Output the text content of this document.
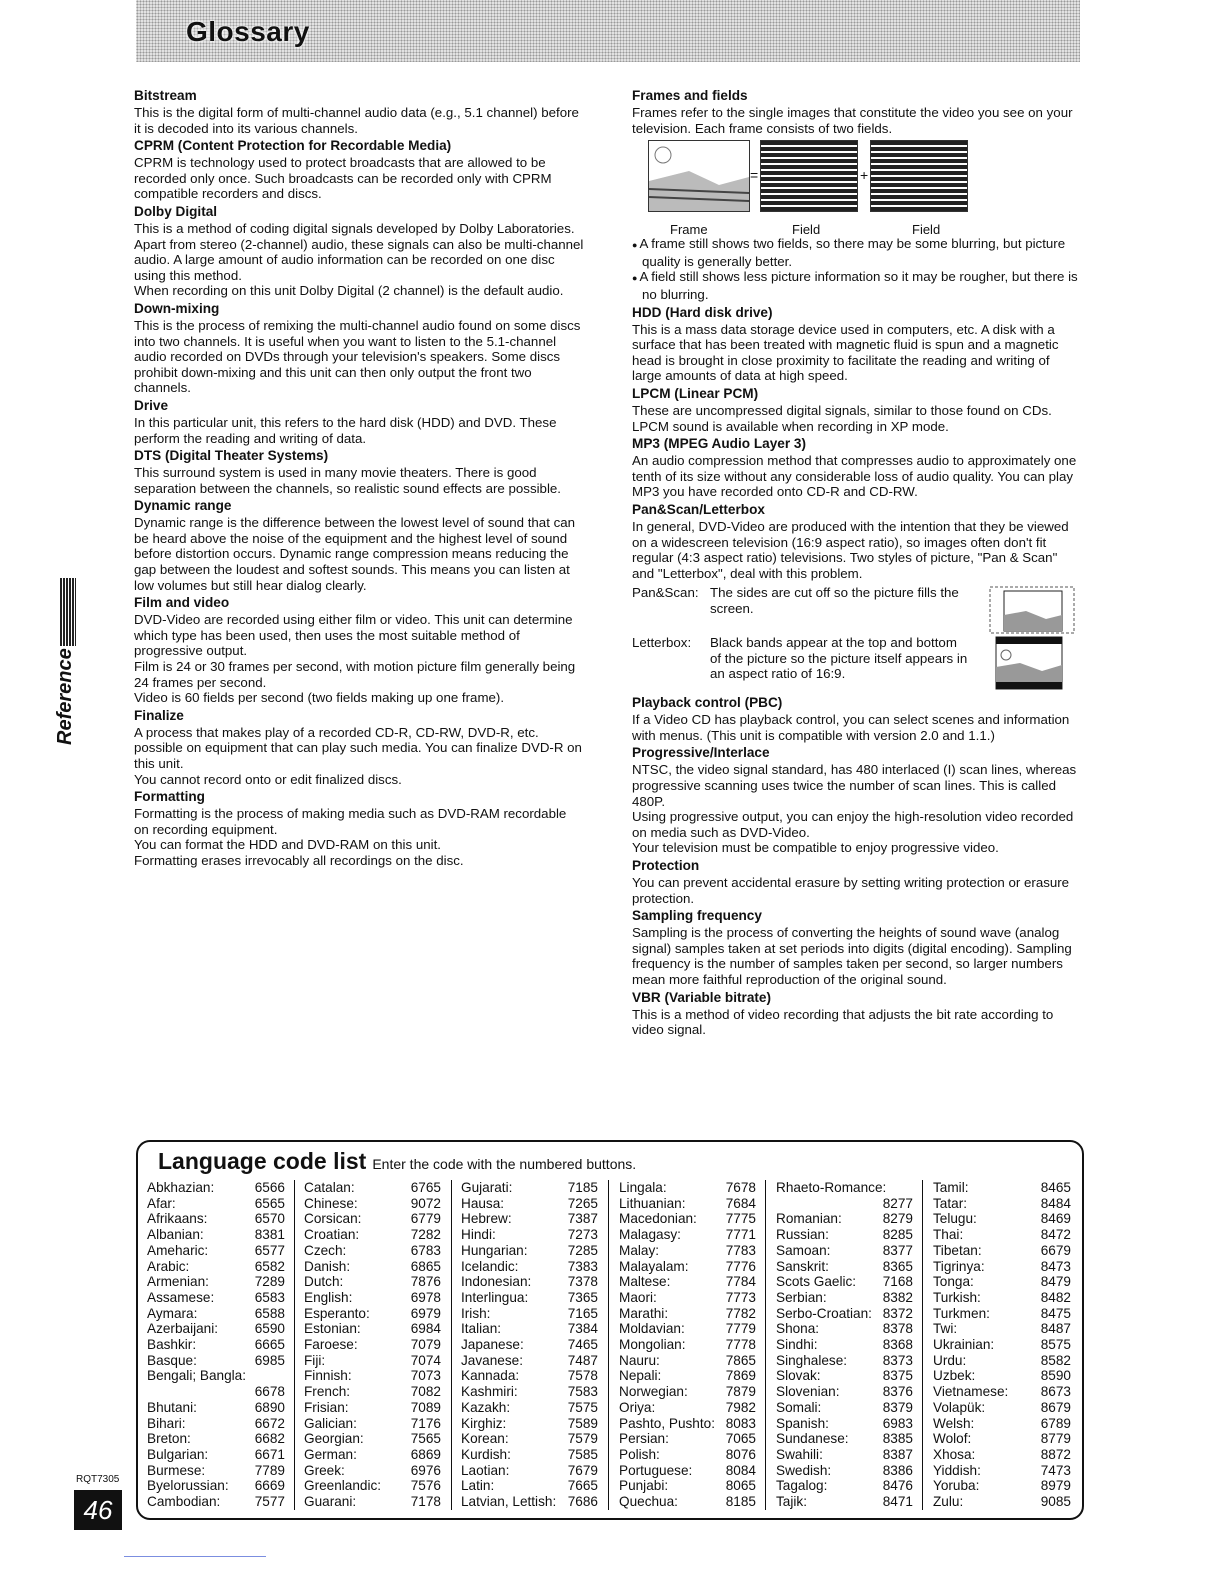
Glossary
Reference
RQT7305
46
Bitstream

This is the digital form of multi-channel audio data (e.g., 5.1 channel) before it is decoded into its various channels.

CPRM (Content Protection for Recordable Media)

CPRM is technology used to protect broadcasts that are allowed to be recorded only once. Such broadcasts can be recorded only with CPRM compatible recorders and discs.

Dolby Digital

This is a method of coding digital signals developed by Dolby Laboratories. Apart from stereo (2-channel) audio, these signals can also be multi-channel audio. A large amount of audio information can be recorded on one disc using this method.

When recording on this unit Dolby Digital (2 channel) is the default audio.

Down-mixing

This is the process of remixing the multi-channel audio found on some discs into two channels. It is useful when you want to listen to the 5.1-channel audio recorded on DVDs through your television's speakers. Some discs prohibit down-mixing and this unit can then only output the front two channels.

Drive

In this particular unit, this refers to the hard disk (HDD) and DVD. These perform the reading and writing of data.

DTS (Digital Theater Systems)

This surround system is used in many movie theaters. There is good separation between the channels, so realistic sound effects are possible.

Dynamic range

Dynamic range is the difference between the lowest level of sound that can be heard above the noise of the equipment and the highest level of sound before distortion occurs. Dynamic range compression means reducing the gap between the loudest and softest sounds. This means you can listen at low volumes but still hear dialog clearly.

Film and video

DVD-Video are recorded using either film or video. This unit can determine which type has been used, then uses the most suitable method of progressive output.

Film is 24 or 30 frames per second, with motion picture film generally being 24 frames per second.

Video is 60 fields per second (two fields making up one frame).

Finalize

A process that makes play of a recorded CD-R, CD-RW, DVD-R, etc. possible on equipment that can play such media. You can finalize DVD-R on this unit.

You cannot record onto or edit finalized discs.

Formatting

Formatting is the process of making media such as DVD-RAM recordable on recording equipment.

You can format the HDD and DVD-RAM on this unit.

Formatting erases irrevocably all recordings on the disc.

Frames and fields

Frames refer to the single images that constitute the video you see on your television. Each frame consists of two fields.

=	+
Frame	Field	Field
● A frame still shows two fields, so there may be some blurring, but picture quality is generally better.
● A field still shows less picture information so it may be rougher, but there is no blurring.
HDD (Hard disk drive)

This is a mass data storage device used in computers, etc. A disk with a surface that has been treated with magnetic fluid is spun and a magnetic head is brought in close proximity to facilitate the reading and writing of large amounts of data at high speed.

LPCM (Linear PCM)

These are uncompressed digital signals, similar to those found on CDs. LPCM sound is available when recording in XP mode.

MP3 (MPEG Audio Layer 3)

An audio compression method that compresses audio to approximately one tenth of its size without any considerable loss of audio quality. You can play MP3 you have recorded onto CD-R and CD-RW.

Pan&Scan/Letterbox

In general, DVD-Video are produced with the intention that they be viewed on a widescreen television (16:9 aspect ratio), so images often don't fit regular (4:3 aspect ratio) televisions. Two styles of picture, "Pan & Scan" and "Letterbox", deal with this problem.

Pan&Scan: The sides are cut off so the picture fills the screen.
Letterbox: Black bands appear at the top and bottom of the picture so the picture itself appears in an aspect ratio of 16:9.
Playback control (PBC)

If a Video CD has playback control, you can select scenes and information with menus. (This unit is compatible with version 2.0 and 1.1.)

Progressive/Interlace

NTSC, the video signal standard, has 480 interlaced (I) scan lines, whereas progressive scanning uses twice the number of scan lines. This is called 480P.

Using progressive output, you can enjoy the high-resolution video recorded on media such as DVD-Video.

Your television must be compatible to enjoy progressive video.

Protection

You can prevent accidental erasure by setting writing protection or erasure protection.

Sampling frequency

Sampling is the process of converting the heights of sound wave (analog signal) samples taken at set periods into digits (digital encoding). Sampling frequency is the number of samples taken per second, so larger numbers mean more faithful reproduction of the original sound.

VBR (Variable bitrate)

This is a method of video recording that adjusts the bit rate according to video signal.

Language code list Enter the code with the numbered buttons.
Abkhazian:	6566
Afar:	6565
Afrikaans:	6570
Albanian:	8381
Ameharic:	6577
Arabic:	6582
Armenian:	7289
Assamese:	6583
Aymara:	6588
Azerbaijani:	6590
Bashkir:	6665
Basque:	6985
Bengali; Bangla:
6678
Bhutani:	6890
Bihari:	6672
Breton:	6682
Bulgarian:	6671
Burmese:	7789
Byelorussian: 6669
Cambodian:	7577
Catalan:	6765
Chinese:	9072
Corsican:	6779
Croatian:	7282
Czech:	6783
Danish:	6865
Dutch:	7876
English:	6978
Esperanto:	6979
Estonian:	6984
Faroese:	7079
Fiji:	7074
Finnish:	7073
French:	7082
Frisian:	7089
Galician:	7176
Georgian:	7565
German:	6869
Greek:	6976
Greenlandic: 7576
Guarani:	7178
Gujarati:	7185
Hausa:	7265
Hebrew:	7387
Hindi:	7273
Hungarian:	7285
Icelandic:	7383
Indonesian:	7378
Interlingua:	7365
Irish:	7165
Italian:	7384
Japanese:	7465
Javanese:	7487
Kannada:	7578
Kashmiri:	7583
Kazakh:	7575
Kirghiz:	7589
Korean:	7579
Kurdish:	7585
Laotian:	7679
Latin:	7665
Latvian, Lettish: 7686
Lingala:	7678
Lithuanian:	7684
Macedonian: 7775
Malagasy:	7771
Malay:	7783
Malayalam:	7776
Maltese:	7784
Maori:	7773
Marathi:	7782
Moldavian:	7779
Mongolian:	7778
Nauru:	7865
Nepali:	7869
Norwegian:	7879
Oriya:	7982
Pashto, Pushto: 8083
Persian:	7065
Polish:	8076
Portuguese: 8084
Punjabi:	8065
Quechua:	8185
Rhaeto-Romance:
8277
Romanian:	8279
Russian:	8285
Samoan:	8377
Sanskrit:	8365
Scots Gaelic: 7168
Serbian:	8382
Serbo-Croatian: 8372
Shona:	8378
Sindhi:	8368
Singhalese:	8373
Slovak:	8375
Slovenian:	8376
Somali:	8379
Spanish:	6983
Sundanese:	8385
Swahili:	8387
Swedish:	8386
Tagalog:	8476
Tajik:	8471
Tamil:	8465
Tatar:	8484
Telugu:	8469
Thai:	8472
Tibetan:	6679
Tigrinya:	8473
Tonga:	8479
Turkish:	8482
Turkmen:	8475
Twi:	8487
Ukrainian:	8575
Urdu:	8582
Uzbek:	8590
Vietnamese: 8673
Volapük:	8679
Welsh:	6789
Wolof:	8779
Xhosa:	8872
Yiddish:	7473
Yoruba:	8979
Zulu:	9085
